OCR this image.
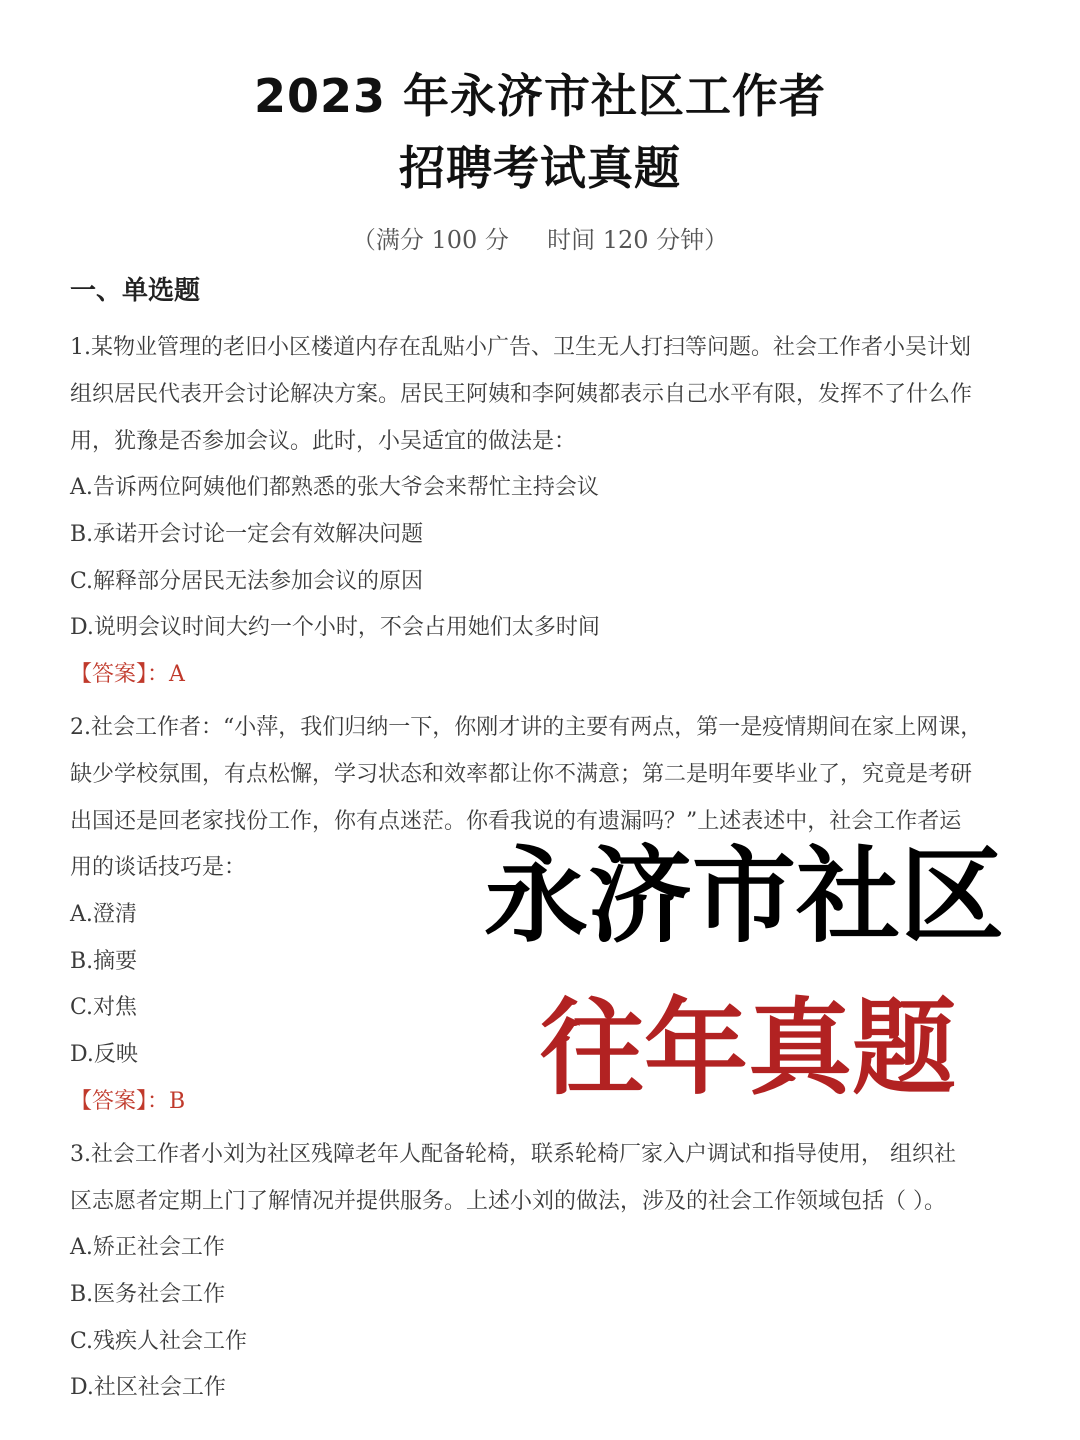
2023 年永济市社区工作者
招聘考试真题
（满分 100 分     时间 120 分钟）
一、单选题
1.某物业管理的老旧小区楼道内存在乱贴小广告、卫生无人打扫等问题。社会工作者小吴计划
组织居民代表开会讨论解决方案。居民王阿姨和李阿姨都表示自己水平有限，发挥不了什么作
用，犹豫是否参加会议。此时，小吴适宜的做法是：
A.告诉两位阿姨他们都熟悉的张大爷会来帮忙主持会议
B.承诺开会讨论一定会有效解决问题
C.解释部分居民无法参加会议的原因
D.说明会议时间大约一个小时，不会占用她们太多时间
【答案】：A
2.社会工作者：“小萍，我们归纳一下，你刚才讲的主要有两点，第一是疫情期间在家上网课，
缺少学校氛围，有点松懈，学习状态和效率都让你不满意；第二是明年要毕业了，究竟是考研
出国还是回老家找份工作，你有点迷茫。你看我说的有遗漏吗？”上述表述中，社会工作者运
用的谈话技巧是：
A.澄清
B.摘要
C.对焦
D.反映
【答案】：B
3.社会工作者小刘为社区残障老年人配备轮椅，联系轮椅厂家入户调试和指导使用， 组织社
区志愿者定期上门了解情况并提供服务。上述小刘的做法，涉及的社会工作领域包括（ ）。
A.矫正社会工作
B.医务社会工作
C.残疾人社会工作
D.社区社会工作
永济市社区
往年真题
